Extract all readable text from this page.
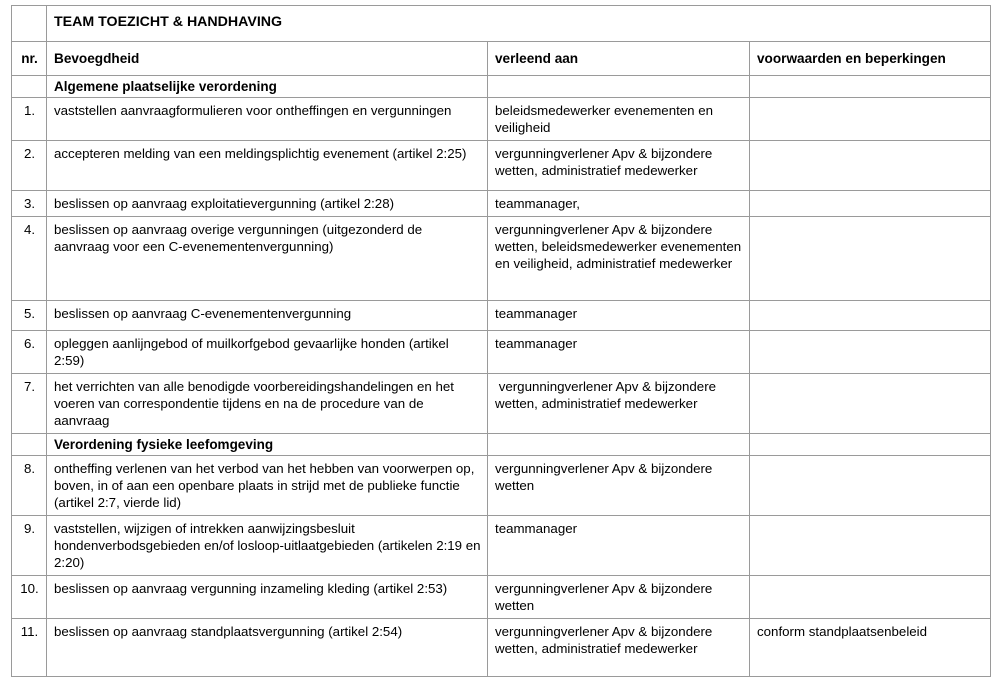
	TEAM TOEZICHT & HANDHAVING		
nr.	Bevoegdheid	verleend aan	voorwaarden en beperkingen
	Algemene plaatselijke verordening		
1.	vaststellen aanvraagformulieren voor ontheffingen en vergunningen	beleidsmedewerker evenementen en veiligheid	
2.	accepteren melding van een meldingsplichtig evenement (artikel 2:25)	vergunningverlener Apv & bijzondere wetten, administratief medewerker	
3.	beslissen op aanvraag exploitatievergunning (artikel 2:28)	teammanager,	
4.	beslissen op aanvraag overige vergunningen (uitgezonderd de aanvraag voor een C-evenementenvergunning)	vergunningverlener Apv & bijzondere wetten, beleidsmedewerker evenementen en veiligheid, administratief medewerker	

5.	beslissen op aanvraag C-evenementenvergunning	teammanager	
6.	opleggen aanlijngebod of muilkorfgebod gevaarlijke honden (artikel 2:59)	teammanager	
7.	het verrichten van alle benodigde voorbereidingshandelingen en het voeren van correspondentie tijdens en na de procedure van de aanvraag	vergunningverlener Apv & bijzondere wetten, administratief medewerker	
	Verordening fysieke leefomgeving		
8.	ontheffing verlenen van het verbod van het hebben van voorwerpen op, boven, in of aan een openbare plaats in strijd met de publieke functie (artikel 2:7, vierde lid)	vergunningverlener Apv & bijzondere wetten	
9.	vaststellen, wijzigen of intrekken aanwijzingsbesluit hondenverbodsgebieden en/of losloop-uitlaatgebieden (artikelen 2:19 en 2:20)	teammanager	
10.	beslissen op aanvraag vergunning inzameling kleding (artikel 2:53)	vergunningverlener Apv & bijzondere wetten	
11.	beslissen op aanvraag standplaatsvergunning (artikel 2:54)	vergunningverlener Apv & bijzondere wetten, administratief medewerker	conform standplaatsenbeleid
